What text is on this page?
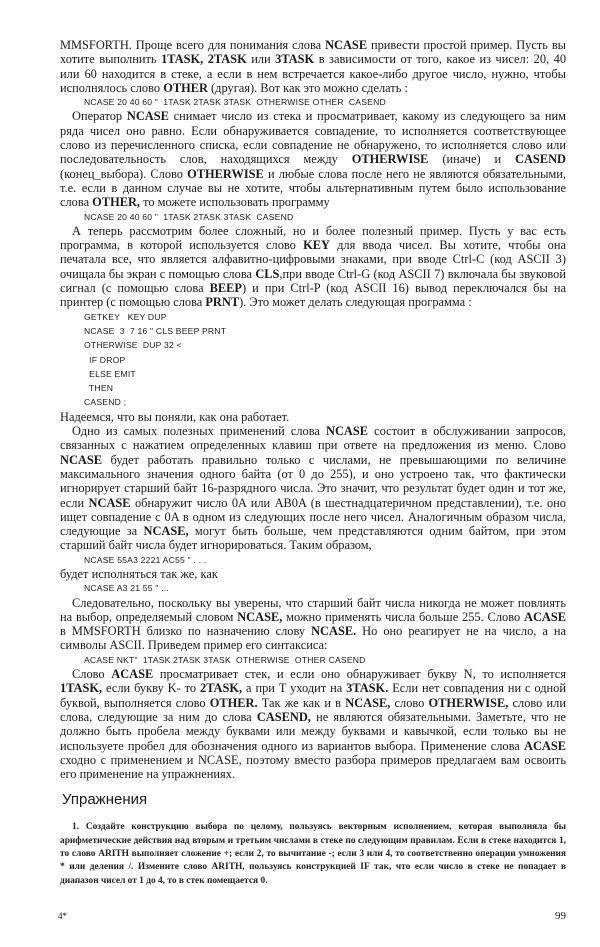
MMSFORTH. Проще всего для понимания слова NCASE привести простой пример. Пусть вы хотите выполнить 1TASK, 2TASK или 3TASK в зависимости от того, какое из чисел: 20, 40 или 60 находится в стеке, а если в нем встречается какое-либо другое число, нужно, чтобы исполнялось слово OTHER (другая). Вот как это можно сделать :

NCASE 20 40 60 "  1TASK 2TASK 3TASK  OTHERWISE OTHER  CASEND

Оператор NCASE снимает число из стека и просматривает, какому из следующего за ним ряда чисел оно равно. Если обнаруживается совпадение, то исполняется соответствующее слово из перечисленного списка, если совпадение не обнаружено, то исполняется слово или последовательность слов, находящихся между OTHERWISE (иначе) и CASEND (конец_выбора). Слово OTHERWISE и любые слова после него не являются обязательными, т.е. если в данном случае вы не хотите, чтобы альтернативным путем было использование слова OTHER, то можете использовать программу

NCASE 20 40 60 "  1TASK 2TASK 3TASK  CASEND

А теперь рассмотрим более сложный, но и более полезный пример. Пусть у вас есть программа, в которой используется слово KEY для ввода чисел. Вы хотите, чтобы она печатала все, что является алфавитно-цифровыми знаками, при вводе Ctrl-C (код ASCII 3) очищала бы экран с помощью слова CLS,при вводе Ctrl-G (код ASCII 7) включала бы звуковой сигнал (с помощью слова BEEP) и при Ctrl-P (код ASCII 16) вывод переключался бы на принтер (с помощью слова PRNT). Это может делать следующая программа :

GETKEY   KEY DUP
NCASE  3  7 16 " CLS BEEP PRNT
OTHERWISE  DUP 32 <
IF DROP
ELSE EMIT
THEN
CASEND ;

Надеемся, что вы поняли, как она работает.

Одно из самых полезных применений слова NCASE состоит в обслуживании запросов, связанных с нажатием определенных клавиш при ответе на предложения из меню. Слово NCASE будет работать правильно только с числами, не превышающими по величине максимального значения одного байта (от 0 до 255), и оно устроено так, что фактически игнорирует старший байт 16-разрядного числа. Это значит, что результат будет один и тот же, если NCASE обнаружит число 0A или AB0A (в шестнадцатеричном представлении), т.е. оно ищет совпадение с 0A в одном из следующих после него чисел. Аналогичным образом числа, следующие за NCASE, могут быть больше, чем представляются одним байтом, при этом старший байт числа будет игнорироваться. Таким образом,

NCASE 55A3 2221 AC55 " . . .

будет исполняться так же, как

NCASE A3 21 55 " ...

Следовательно, поскольку вы уверены, что старший байт числа никогда не может повлиять на выбор, определяемый словом NCASE, можно применять числа больше 255. Слово ACASE в MMSFORTH близко по назначению слову NCASE. Но оно реагирует не на число, а на символы ASCII. Приведем пример его синтаксиса:

ACASE NKT"  1TASK 2TASK 3TASK  OTHERWISE  OTHER CASEND

Слово ACASE просматривает стек, и если оно обнаруживает букву N, то исполняется 1TASK, если букву K- то 2TASK, а при T уходит на 3TASK. Если нет совпадения ни с одной буквой, выполняется слово OTHER. Так же как и в NCASE, слово OTHERWISE, слово или слова, следующие за ним до слова CASEND, не являются обязательными. Заметьте, что не должно быть пробела между буквами или между буквами и кавычкой, если только вы не используете пробел для обозначения одного из вариантов выбора. Применение слова ACASE сходно с применением и NCASE, поэтому вместо разбора примеров предлагаем вам освоить его применение на упражнениях.

Упражнения

1. Создайте конструкцию выбора по целому, пользуясь векторным исполнением, которая выполняла бы арифметические действия над вторым и третьим числами в стеке по следующим правилам. Если в стеке находится 1, то слово ARITH выполняет сложение +; если 2, то вычитание -; если 3 или 4, то соответственно операции умножения * или деления /. Измените слово ARITH, пользуясь конструкцией IF так, что если число в стеке не попадает в диапазон чисел от 1 до 4, то в стек помещается 0.

4*	99
